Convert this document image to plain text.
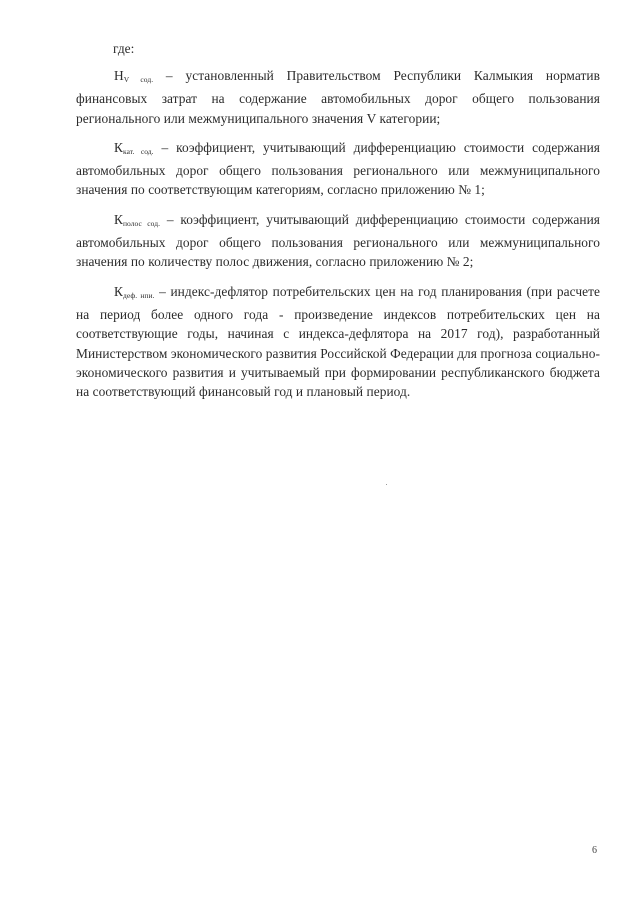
где:

$Н_{V сод.}$ – установленный Правительством Республики Калмыкия норматив финансовых затрат на содержание автомобильных дорог общего пользования регионального или межмуниципального значения V категории;

$К_{кат. сод.}$ – коэффициент, учитывающий дифференциацию стоимости содержания автомобильных дорог общего пользования регионального или межмуниципального значения по соответствующим категориям, согласно приложению № 1;

$К_{полос сод.}$ – коэффициент, учитывающий дифференциацию стоимости содержания автомобильных дорог общего пользования регионального или межмуниципального значения по количеству полос движения, согласно приложению № 2;

$К_{деф. нпи.}$ – индекс-дефлятор потребительских цен на год планирования (при расчете на период более одного года - произведение индексов потребительских цен на соответствующие годы, начиная с индекса-дефлятора на 2017 год), разработанный Министерством экономического развития Российской Федерации для прогноза социально-экономического развития и учитываемый при формировании республиканского бюджета на соответствующий финансовый год и плановый период.

6
